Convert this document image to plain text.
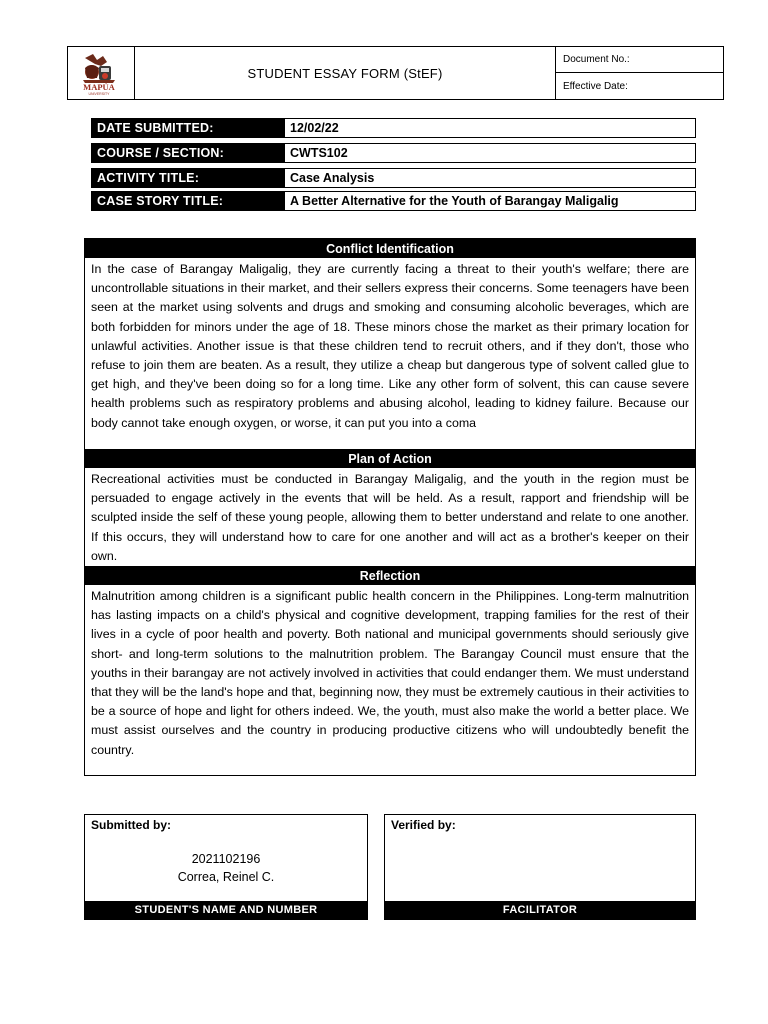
MAPÚA
UNIVERSITY
STUDENT ESSAY FORM (StEF)
Document No.:
Effective Date:
DATE SUBMITTED:	12/02/22
COURSE / SECTION:	CWTS102
ACTIVITY TITLE:	Case Analysis
CASE STORY TITLE:	A Better Alternative for the Youth of Barangay Maligalig
Conflict Identification
In the case of Barangay Maligalig, they are currently facing a threat to their youth's welfare; there are uncontrollable situations in their market, and their sellers express their concerns. Some teenagers have been seen at the market using solvents and drugs and smoking and consuming alcoholic beverages, which are both forbidden for minors under the age of 18. These minors chose the market as their primary location for unlawful activities. Another issue is that these children tend to recruit others, and if they don't, those who refuse to join them are beaten. As a result, they utilize a cheap but dangerous type of solvent called glue to get high, and they've been doing so for a long time. Like any other form of solvent, this can cause severe health problems such as respiratory problems and abusing alcohol, leading to kidney failure. Because our body cannot take enough oxygen, or worse, it can put you into a coma
Plan of Action
Recreational activities must be conducted in Barangay Maligalig, and the youth in the region must be persuaded to engage actively in the events that will be held. As a result, rapport and friendship will be sculpted inside the self of these young people, allowing them to better understand and relate to one another. If this occurs, they will understand how to care for one another and will act as a brother's keeper on their own.
Reflection
Malnutrition among children is a significant public health concern in the Philippines. Long-term malnutrition has lasting impacts on a child's physical and cognitive development, trapping families for the rest of their lives in a cycle of poor health and poverty. Both national and municipal governments should seriously give short- and long-term solutions to the malnutrition problem. The Barangay Council must ensure that the youths in their barangay are not actively involved in activities that could endanger them. We must understand that they will be the land's hope and that, beginning now, they must be extremely cautious in their activities to be a source of hope and light for others indeed. We, the youth, must also make the world a better place. We must assist ourselves and the country in producing productive citizens who will undoubtedly benefit the country.
Submitted by:
2021102196
Correa, Reinel C.
STUDENT'S NAME AND NUMBER
Verified by:
FACILITATOR
